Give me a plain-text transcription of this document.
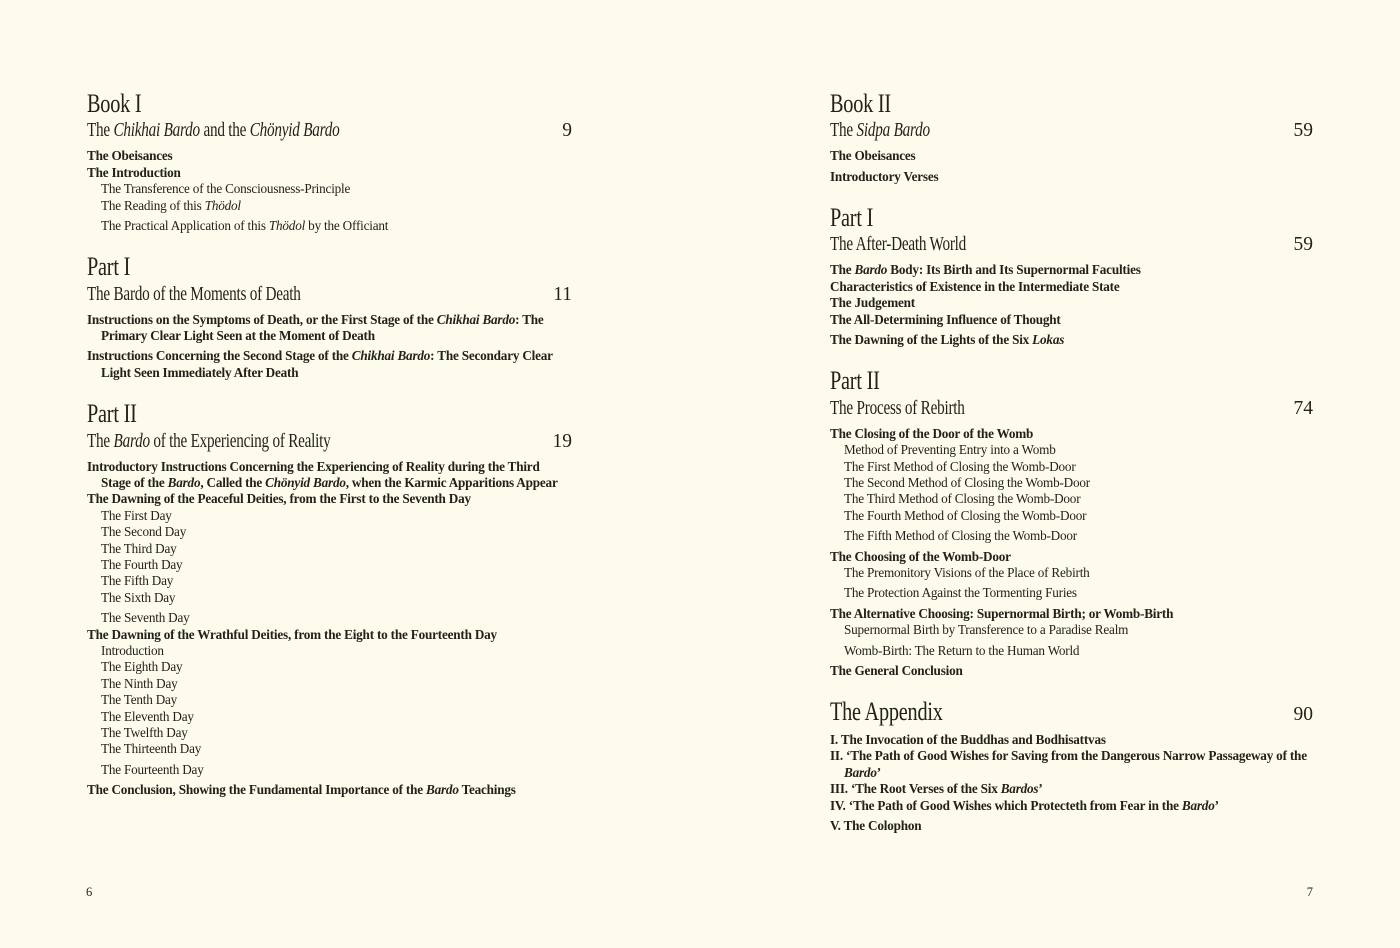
Book I
The Chikhai Bardo and the Chönyid Bardo	9
The Obeisances
The Introduction
The Transference of the Consciousness-Principle
The Reading of this Thödol
The Practical Application of this Thödol by the Officiant
Part I
The Bardo of the Moments of Death	11
Instructions on the Symptoms of Death, or the First Stage of the Chikhai Bardo: The Primary Clear Light Seen at the Moment of Death
Instructions Concerning the Second Stage of the Chikhai Bardo: The Secondary Clear Light Seen Immediately After Death
Part II
The Bardo of the Experiencing of Reality	19
Introductory Instructions Concerning the Experiencing of Reality during the Third Stage of the Bardo, Called the Chönyid Bardo, when the Karmic Apparitions Appear
The Dawning of the Peaceful Deities, from the First to the Seventh Day
The First Day
The Second Day
The Third Day
The Fourth Day
The Fifth Day
The Sixth Day
The Seventh Day
The Dawning of the Wrathful Deities, from the Eight to the Fourteenth Day
Introduction
The Eighth Day
The Ninth Day
The Tenth Day
The Eleventh Day
The Twelfth Day
The Thirteenth Day
The Fourteenth Day
The Conclusion, Showing the Fundamental Importance of the Bardo Teachings
Book II
The Sidpa Bardo	59
The Obeisances
Introductory Verses
Part I
The After-Death World	59
The Bardo Body: Its Birth and Its Supernormal Faculties
Characteristics of Existence in the Intermediate State
The Judgement
The All-Determining Influence of Thought
The Dawning of the Lights of the Six Lokas
Part II
The Process of Rebirth	74
The Closing of the Door of the Womb
Method of Preventing Entry into a Womb
The First Method of Closing the Womb-Door
The Second Method of Closing the Womb-Door
The Third Method of Closing the Womb-Door
The Fourth Method of Closing the Womb-Door
The Fifth Method of Closing the Womb-Door
The Choosing of the Womb-Door
The Premonitory Visions of the Place of Rebirth
The Protection Against the Tormenting Furies
The Alternative Choosing: Supernormal Birth; or Womb-Birth
Supernormal Birth by Transference to a Paradise Realm
Womb-Birth: The Return to the Human World
The General Conclusion
The Appendix	90
I. The Invocation of the Buddhas and Bodhisattvas
II. ‘The Path of Good Wishes for Saving from the Dangerous Narrow Passageway of the Bardo’
III. ‘The Root Verses of the Six Bardos’
IV. ‘The Path of Good Wishes which Protecteth from Fear in the Bardo’
V. The Colophon
6	7
